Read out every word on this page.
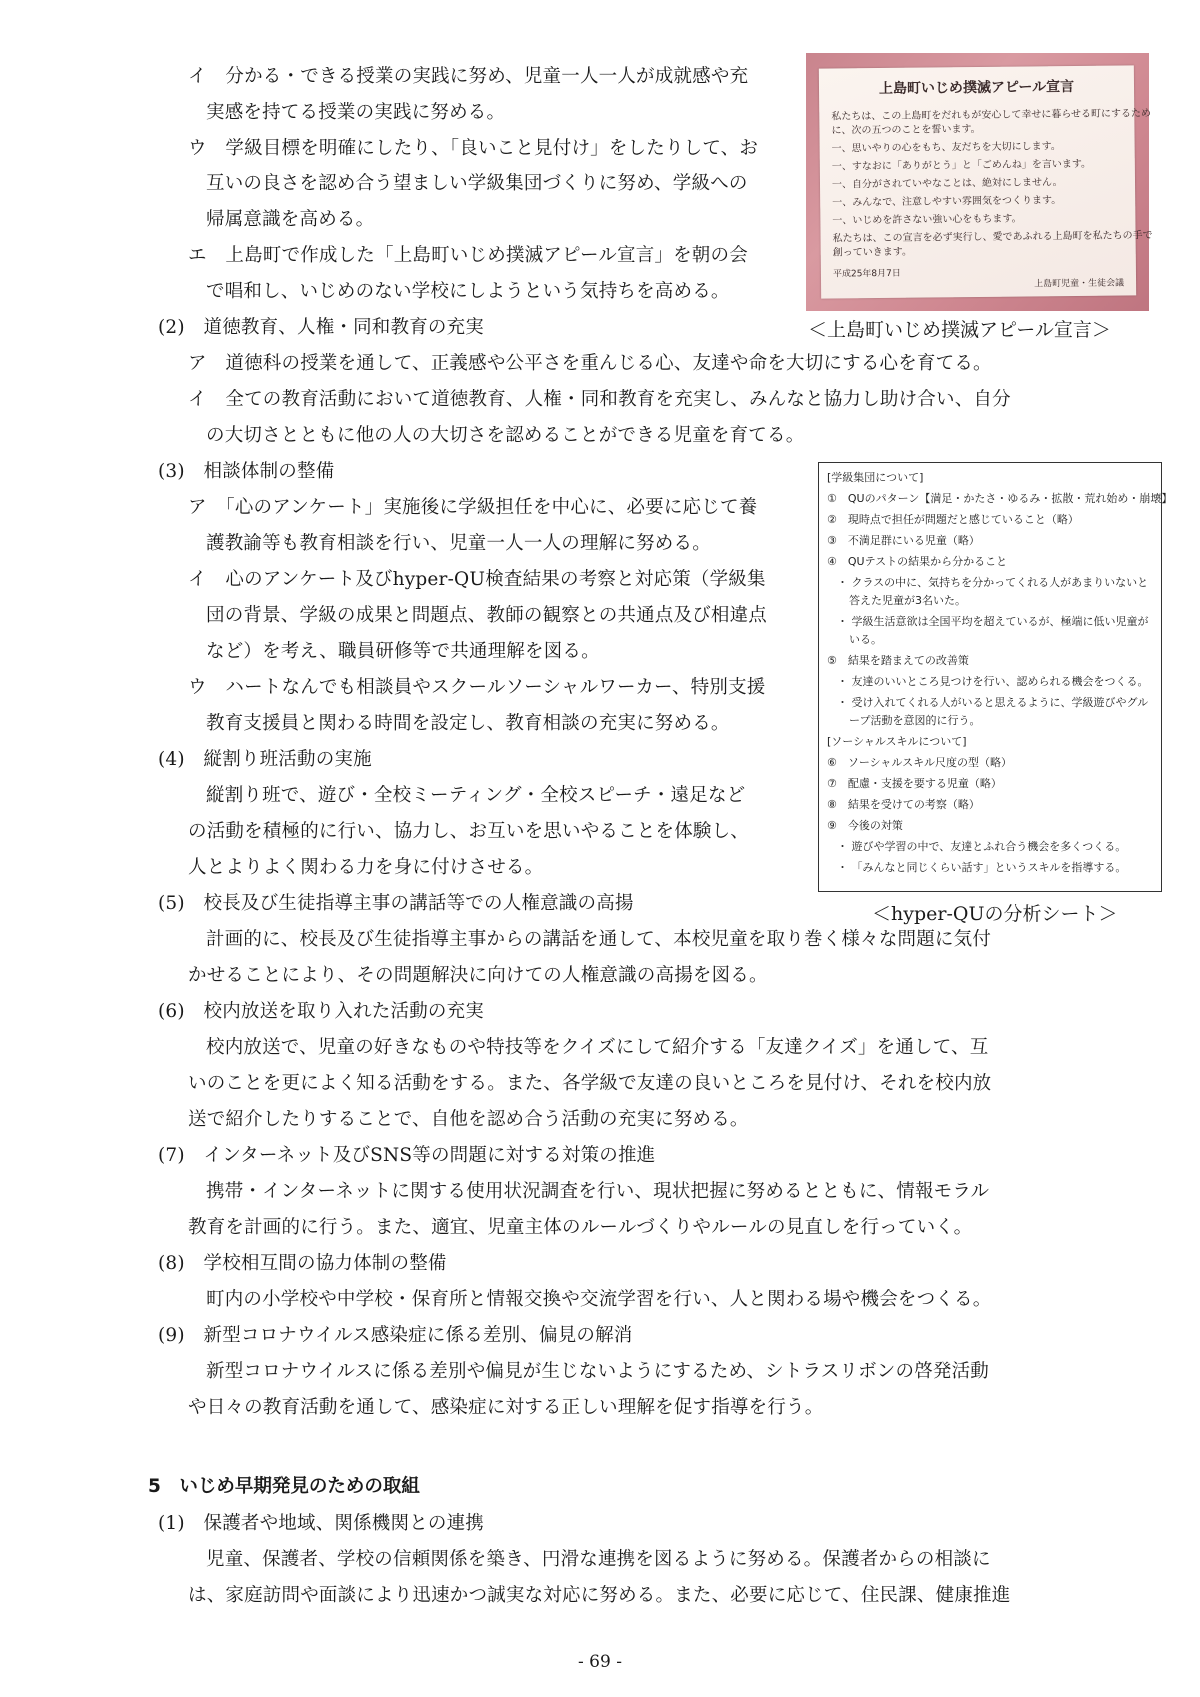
上島町いじめ撲滅アピール宣言
私たちは、この上島町をだれもが安心して幸せに暮らせる町にするため
に、次の五つのことを誓います。
一、思いやりの心をもち、友だちを大切にします。
一、すなおに「ありがとう」と「ごめんね」を言います。
一、自分がされていやなことは、絶対にしません。
一、みんなで、注意しやすい雰囲気をつくります。
一、いじめを許さない強い心をもちます。
私たちは、この宣言を必ず実行し、愛であふれる上島町を私たちの手で
創っていきます。
平成25年8月7日
上島町児童・生徒会議
[学級集団について]
①　QUのパターン【満足・かたさ・ゆるみ・拡散・荒れ始め・崩壊】
②　現時点で担任が問題だと感じていること（略）
③　不満足群にいる児童（略）
④　QUテストの結果から分かること
・ クラスの中に、気持ちを分かってくれる人があまりいないと
答えた児童が3名いた。
・ 学級生活意欲は全国平均を超えているが、極端に低い児童が
いる。
⑤　結果を踏まえての改善策
・ 友達のいいところ見つけを行い、認められる機会をつくる。
・ 受け入れてくれる人がいると思えるように、学級遊びやグル
ープ活動を意図的に行う。
[ソーシャルスキルについて]
⑥　ソーシャルスキル尺度の型（略）
⑦　配慮・支援を要する児童（略）
⑧　結果を受けての考察（略）
⑨　今後の対策
・ 遊びや学習の中で、友達とふれ合う機会を多くつくる。
・ 「みんなと同じくらい話す」というスキルを指導する。
＜上島町いじめ撲滅アピール宣言＞
＜hyper-QUの分析シート＞
イ　分かる・できる授業の実践に努め、児童一人一人が成就感や充
実感を持てる授業の実践に努める。
ウ　学級目標を明確にしたり、「良いこと見付け」をしたりして、お
互いの良さを認め合う望ましい学級集団づくりに努め、学級への
帰属意識を高める。
エ　上島町で作成した「上島町いじめ撲滅アピール宣言」を朝の会
で唱和し、いじめのない学校にしようという気持ちを高める。
(2)　道徳教育、人権・同和教育の充実
ア　道徳科の授業を通して、正義感や公平さを重んじる心、友達や命を大切にする心を育てる。
イ　全ての教育活動において道徳教育、人権・同和教育を充実し、みんなと協力し助け合い、自分
の大切さとともに他の人の大切さを認めることができる児童を育てる。
(3)　相談体制の整備
ア　「心のアンケート」実施後に学級担任を中心に、必要に応じて養
護教諭等も教育相談を行い、児童一人一人の理解に努める。
イ　心のアンケート及びhyper-QU検査結果の考察と対応策（学級集
団の背景、学級の成果と問題点、教師の観察との共通点及び相違点
など）を考え、職員研修等で共通理解を図る。
ウ　ハートなんでも相談員やスクールソーシャルワーカー、特別支援
教育支援員と関わる時間を設定し、教育相談の充実に努める。
(4)　縦割り班活動の実施
縦割り班で、遊び・全校ミーティング・全校スピーチ・遠足など
の活動を積極的に行い、協力し、お互いを思いやることを体験し、
人とよりよく関わる力を身に付けさせる。
(5)　校長及び生徒指導主事の講話等での人権意識の高揚
計画的に、校長及び生徒指導主事からの講話を通して、本校児童を取り巻く様々な問題に気付
かせることにより、その問題解決に向けての人権意識の高揚を図る。
(6)　校内放送を取り入れた活動の充実
校内放送で、児童の好きなものや特技等をクイズにして紹介する「友達クイズ」を通して、互
いのことを更によく知る活動をする。また、各学級で友達の良いところを見付け、それを校内放
送で紹介したりすることで、自他を認め合う活動の充実に努める。
(7)　インターネット及びSNS等の問題に対する対策の推進
携帯・インターネットに関する使用状況調査を行い、現状把握に努めるとともに、情報モラル
教育を計画的に行う。また、適宜、児童主体のルールづくりやルールの見直しを行っていく。
(8)　学校相互間の協力体制の整備
町内の小学校や中学校・保育所と情報交換や交流学習を行い、人と関わる場や機会をつくる。
(9)　新型コロナウイルス感染症に係る差別、偏見の解消
新型コロナウイルスに係る差別や偏見が生じないようにするため、シトラスリボンの啓発活動
や日々の教育活動を通して、感染症に対する正しい理解を促す指導を行う。
5　いじめ早期発見のための取組
(1)　保護者や地域、関係機関との連携
児童、保護者、学校の信頼関係を築き、円滑な連携を図るように努める。保護者からの相談に
は、家庭訪問や面談により迅速かつ誠実な対応に努める。また、必要に応じて、住民課、健康推進
- 69 -
